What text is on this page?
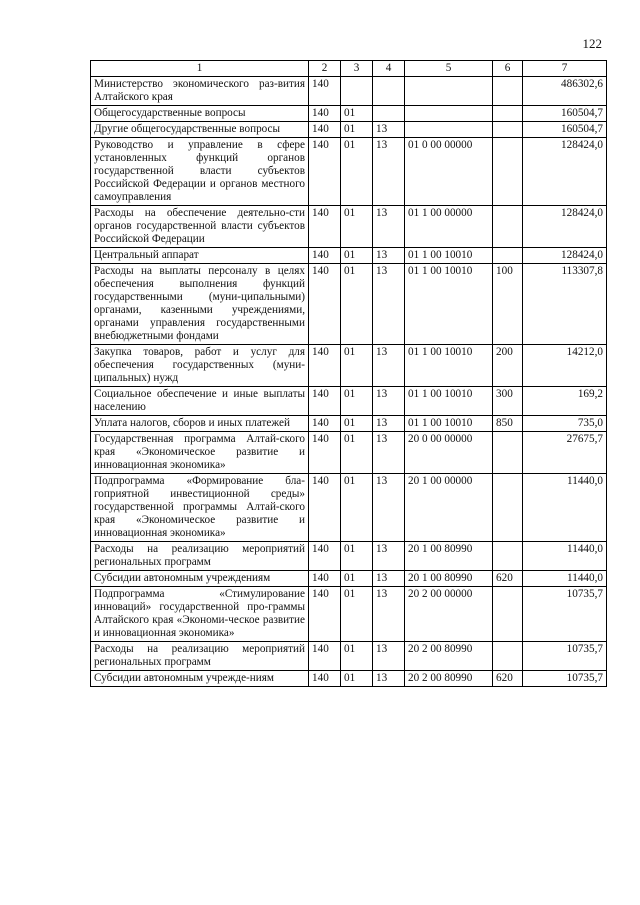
122
1	2	3	4	5	6	7
Министерство экономического раз-вития Алтайского края	140					486302,6
Общегосударственные вопросы	140	01				160504,7
Другие общегосударственные вопросы	140	01	13			160504,7
Руководство и управление в сфере установленных функций органов государственной власти субъектов Российской Федерации и органов местного самоуправления	140	01	13	01 0 00 00000		128424,0
Расходы на обеспечение деятельно-сти органов государственной власти субъектов Российской Федерации	140	01	13	01 1 00 00000		128424,0
Центральный аппарат	140	01	13	01 1 00 10010		128424,0
Расходы на выплаты персоналу в целях обеспечения выполнения функций государственными (муни-ципальными) органами, казенными учреждениями, органами управления государственными внебюджетными фондами	140	01	13	01 1 00 10010	100	113307,8
Закупка товаров, работ и услуг для обеспечения государственных (муни-ципальных) нужд	140	01	13	01 1 00 10010	200	14212,0
Социальное обеспечение и иные выплаты населению	140	01	13	01 1 00 10010	300	169,2
Уплата налогов, сборов и иных платежей	140	01	13	01 1 00 10010	850	735,0
Государственная программа Алтай-ского края «Экономическое развитие и инновационная экономика»	140	01	13	20 0 00 00000		27675,7
Подпрограмма «Формирование бла-гоприятной инвестиционной среды» государственной программы Алтай-ского края «Экономическое развитие и инновационная экономика»	140	01	13	20 1 00 00000		11440,0
Расходы на реализацию мероприятий региональных программ	140	01	13	20 1 00 80990		11440,0
Субсидии автономным учреждениям	140	01	13	20 1 00 80990	620	11440,0
Подпрограмма «Стимулирование инноваций» государственной про-граммы Алтайского края «Экономи-ческое развитие и инновационная экономика»	140	01	13	20 2 00 00000		10735,7
Расходы на реализацию мероприятий региональных программ	140	01	13	20 2 00 80990		10735,7
Субсидии автономным учрежде-ниям	140	01	13	20 2 00 80990	620	10735,7
